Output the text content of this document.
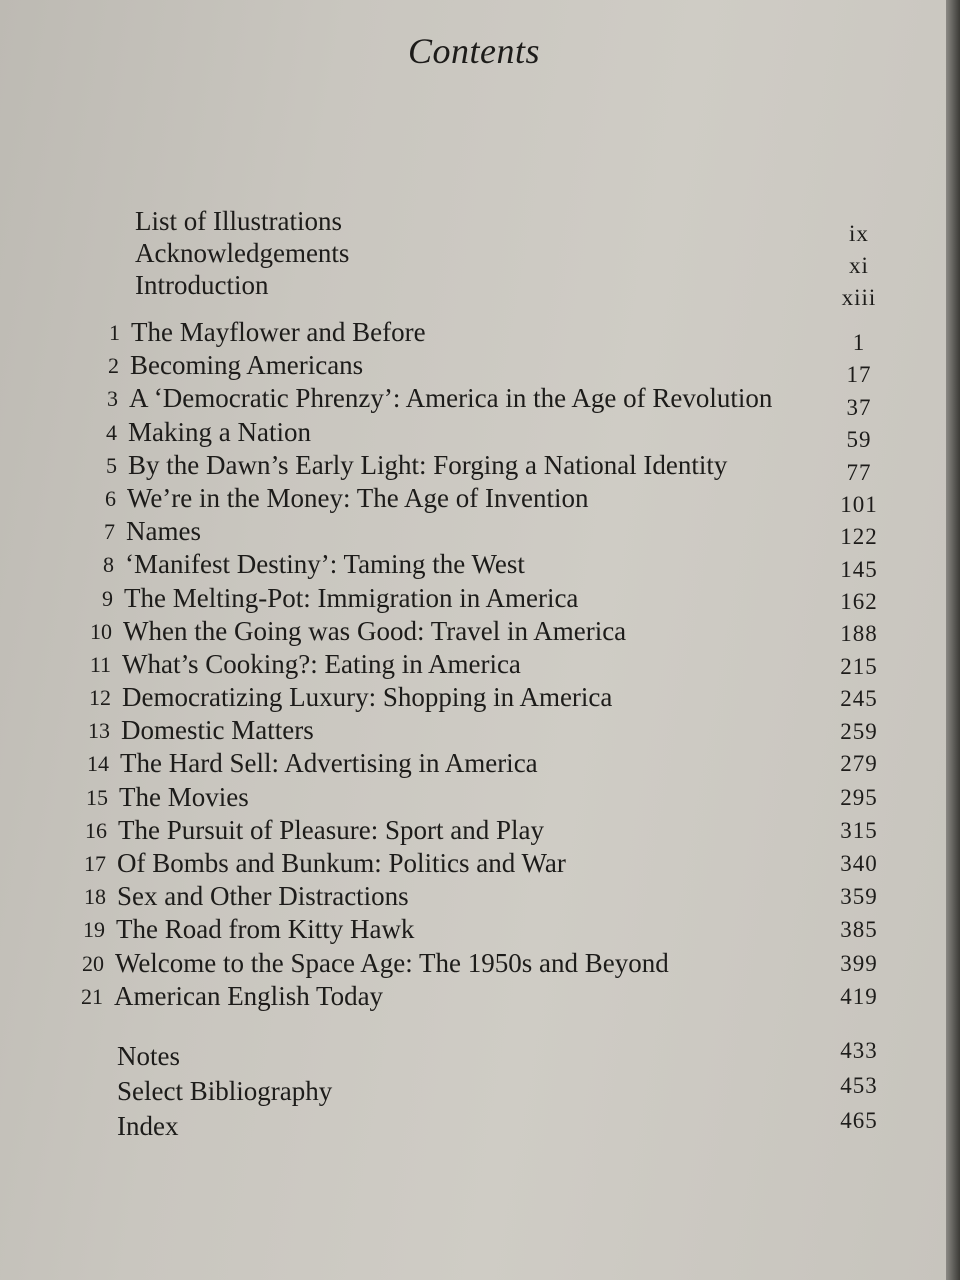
Contents
List of Illustrations	ix
Acknowledgements	xi
Introduction	xiii
1 The Mayflower and Before	1
2 Becoming Americans	17
3 A ‘Democratic Phrenzy’: America in the Age of Revolution	37
4 Making a Nation	59
5 By the Dawn’s Early Light: Forging a National Identity	77
6 We’re in the Money: The Age of Invention	101
7 Names	122
8 ‘Manifest Destiny’: Taming the West	145
9 The Melting-Pot: Immigration in America	162
10 When the Going was Good: Travel in America	188
11 What’s Cooking?: Eating in America	215
12 Democratizing Luxury: Shopping in America	245
13 Domestic Matters	259
14 The Hard Sell: Advertising in America	279
15 The Movies	295
16 The Pursuit of Pleasure: Sport and Play	315
17 Of Bombs and Bunkum: Politics and War	340
18 Sex and Other Distractions	359
19 The Road from Kitty Hawk	385
20 Welcome to the Space Age: The 1950s and Beyond	399
21 American English Today	419
Notes	433
Select Bibliography	453
Index	465
